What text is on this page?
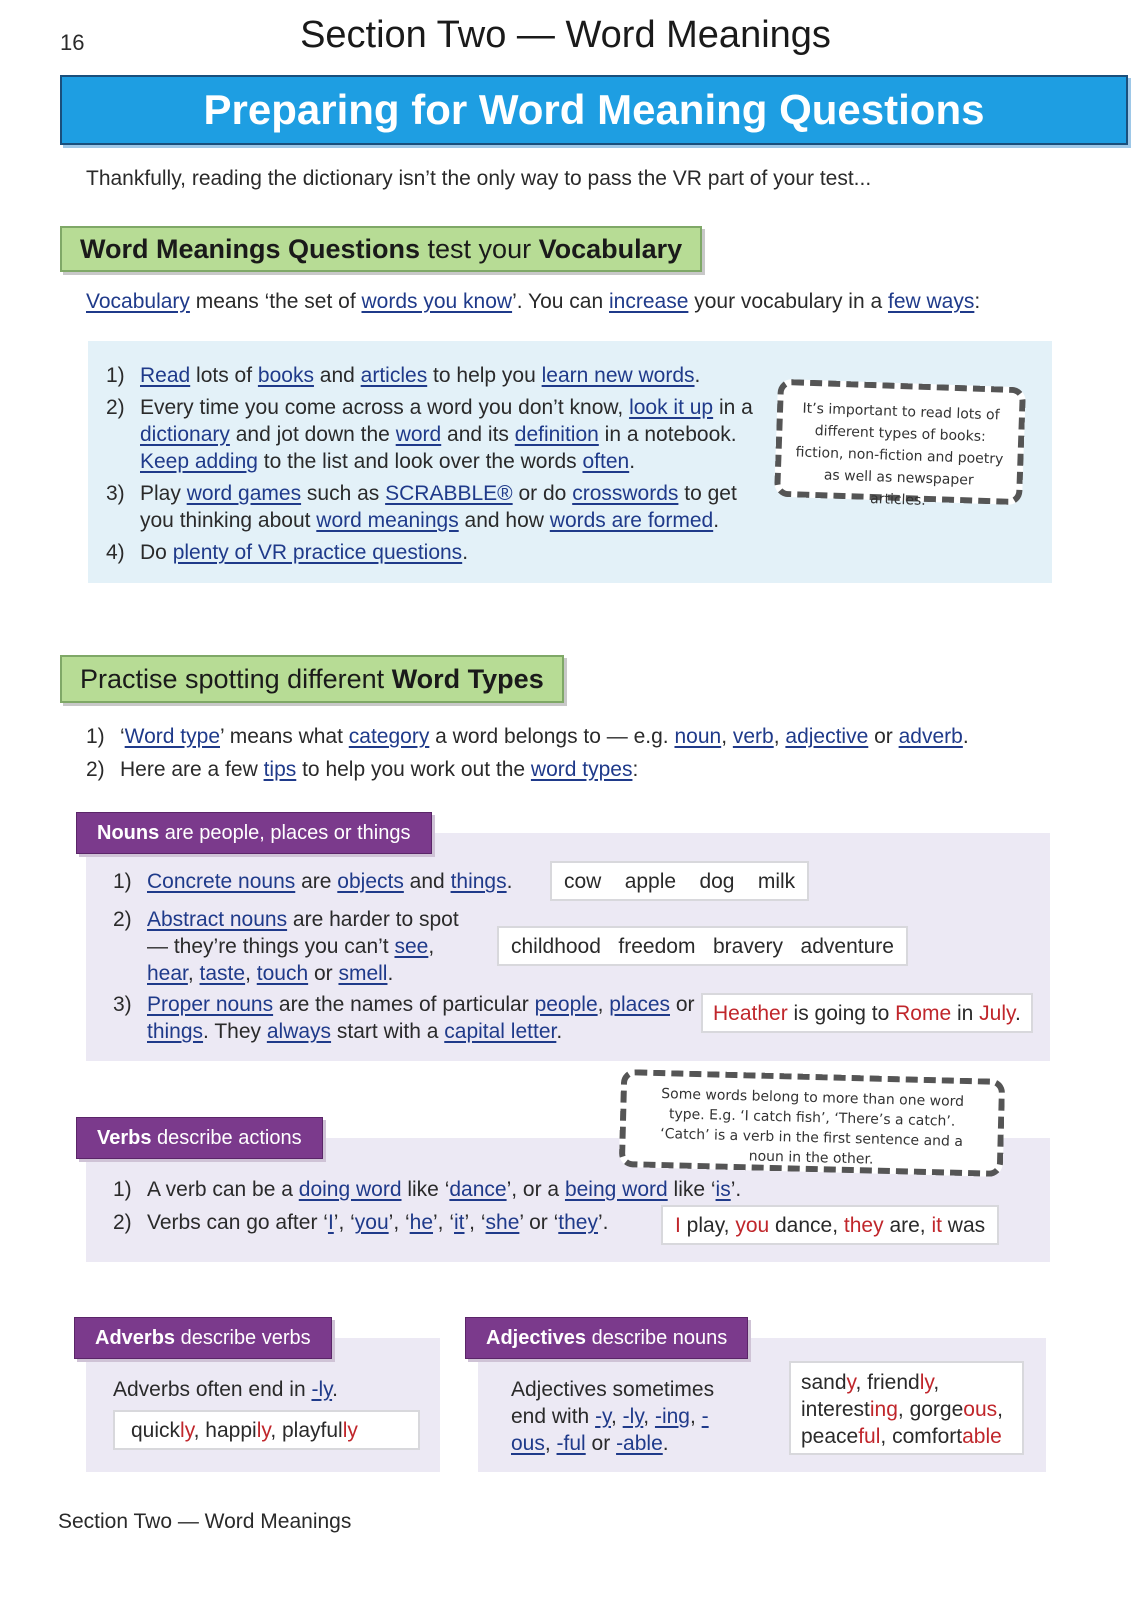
16	Section Two — Word Meanings
Preparing for Word Meaning Questions
Thankfully, reading the dictionary isn’t the only way to pass the VR part of your test...
Word Meanings Questions test your Vocabulary
Vocabulary means ‘the set of words you know’. You can increase your vocabulary in a few ways:
1) Read lots of books and articles to help you learn new words.
2) Every time you come across a word you don’t know, look it up in a dictionary and jot down the word and its definition in a notebook. Keep adding to the list and look over the words often.
3) Play word games such as SCRABBLE® or do crosswords to get you thinking about word meanings and how words are formed.
4) Do plenty of VR practice questions.
It’s important to read lots of different types of books: fiction, non-fiction and poetry as well as newspaper articles.
Practise spotting different Word Types
1) ‘Word type’ means what category a word belongs to — e.g. noun, verb, adjective or adverb.
2) Here are a few tips to help you work out the word types:
Nouns are people, places or things
1) Concrete nouns are objects and things.
2) Abstract nouns are harder to spot — they’re things you can’t see, hear, taste, touch or smell.
3) Proper nouns are the names of particular people, places or things. They always start with a capital letter.
cow apple dog milk
childhood freedom bravery adventure
Heather is going to Rome in July.
Verbs describe actions
Some words belong to more than one word type. E.g. ‘I catch fish’, ‘There’s a catch’. ‘Catch’ is a verb in the first sentence and a noun in the other.
1) A verb can be a doing word like ‘dance’, or a being word like ‘is’.
2) Verbs can go after ‘I’, ‘you’, ‘he’, ‘it’, ‘she’ or ‘they’.	I play, you dance, they are, it was
Adverbs describe verbs
Adverbs often end in -ly.
quickly, happily, playfully
Adjectives describe nouns
Adjectives sometimes end with -y, -ly, -ing, -ous, -ful or -able.
sandy, friendly,
interesting, gorgeous,
peaceful, comfortable
Section Two — Word Meanings
